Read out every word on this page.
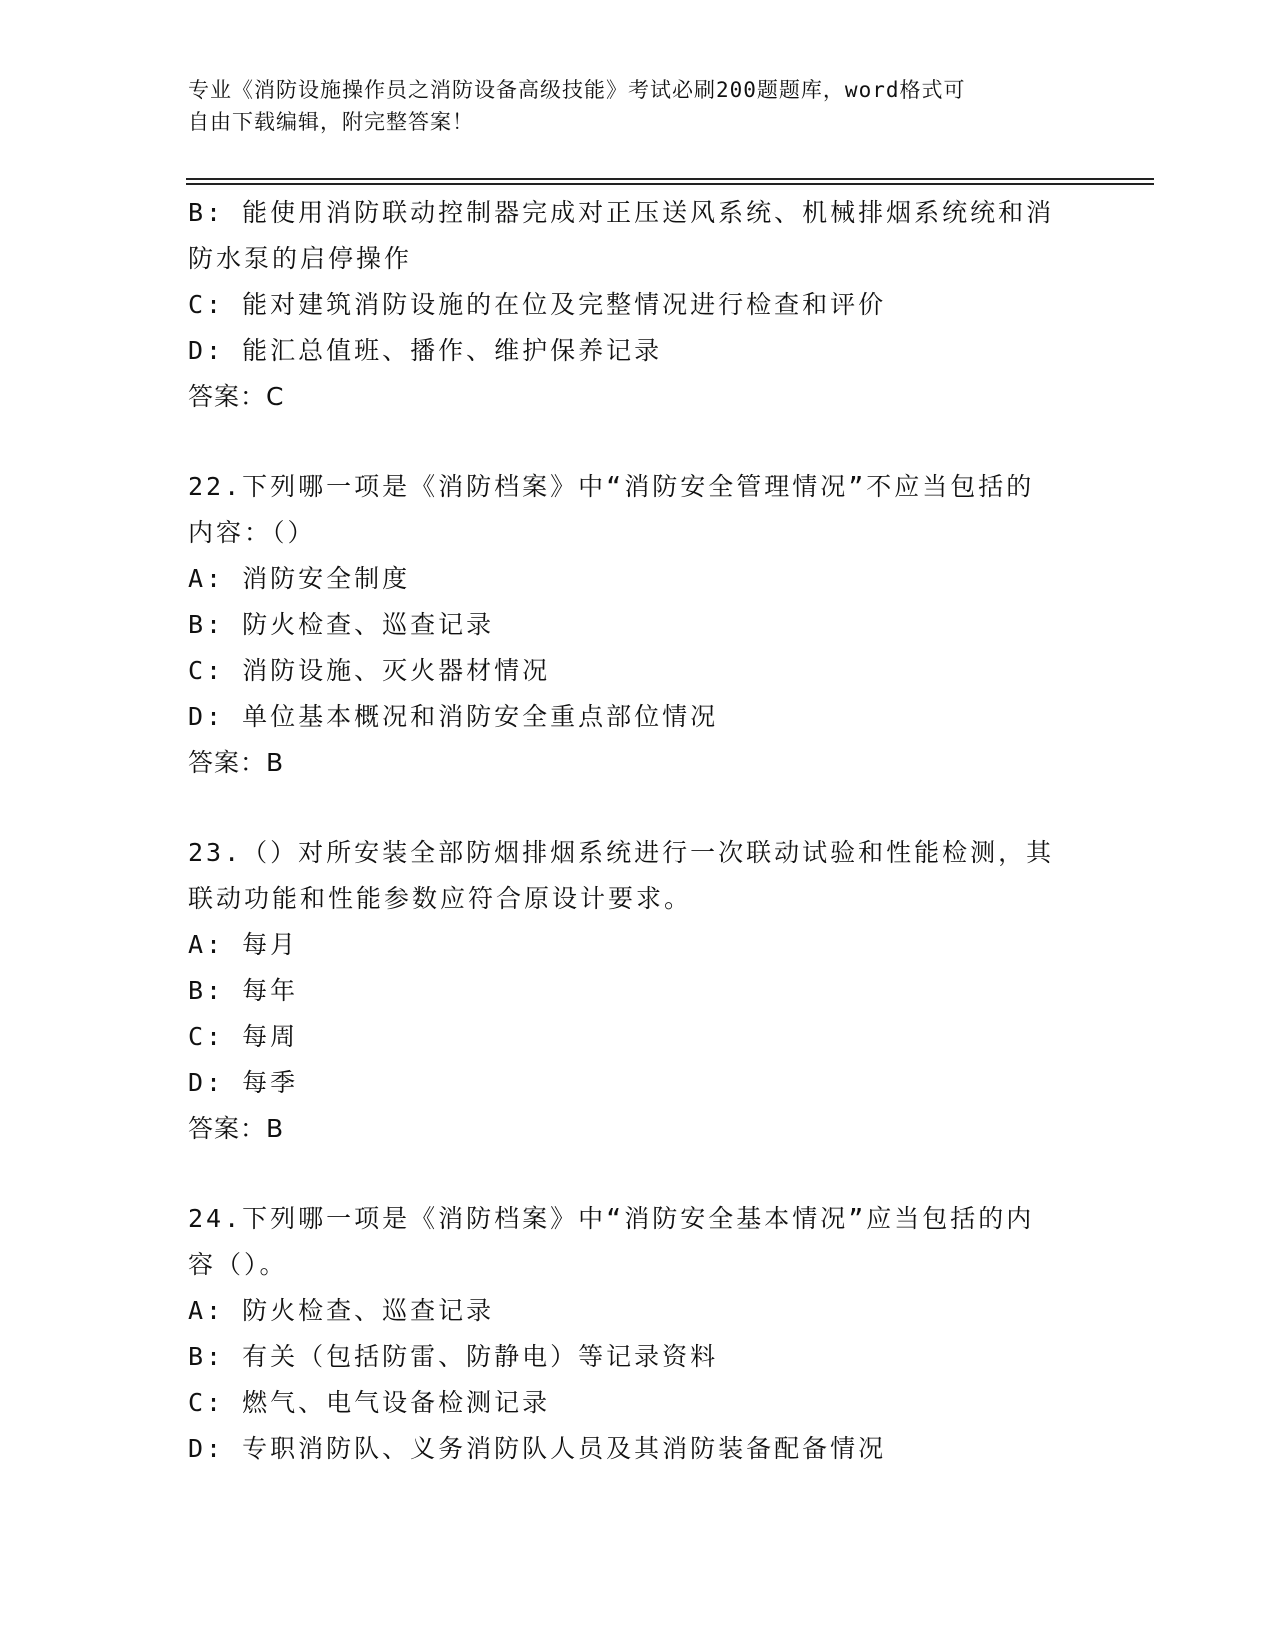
专业《消防设施操作员之消防设备高级技能》考试必刷200题题库，word格式可
自由下载编辑，附完整答案！
B: 能使用消防联动控制器完成对正压送风系统、机械排烟系统统和消
防水泵的启停操作
C: 能对建筑消防设施的在位及完整情况进行检查和评价
D: 能汇总值班、播作、维护保养记录
答案：C
22.下列哪一项是《消防档案》中“消防安全管理情况”不应当包括的
内容：（）
A: 消防安全制度
B: 防火检查、巡查记录
C: 消防设施、灭火器材情况
D: 单位基本概况和消防安全重点部位情况
答案：B
23.（）对所安装全部防烟排烟系统进行一次联动试验和性能检测，其
联动功能和性能参数应符合原设计要求。
A: 每月
B: 每年
C: 每周
D: 每季
答案：B
24.下列哪一项是《消防档案》中“消防安全基本情况”应当包括的内
容（）。
A: 防火检查、巡查记录
B: 有关（包括防雷、防静电）等记录资料
C: 燃气、电气设备检测记录
D: 专职消防队、义务消防队人员及其消防装备配备情况
